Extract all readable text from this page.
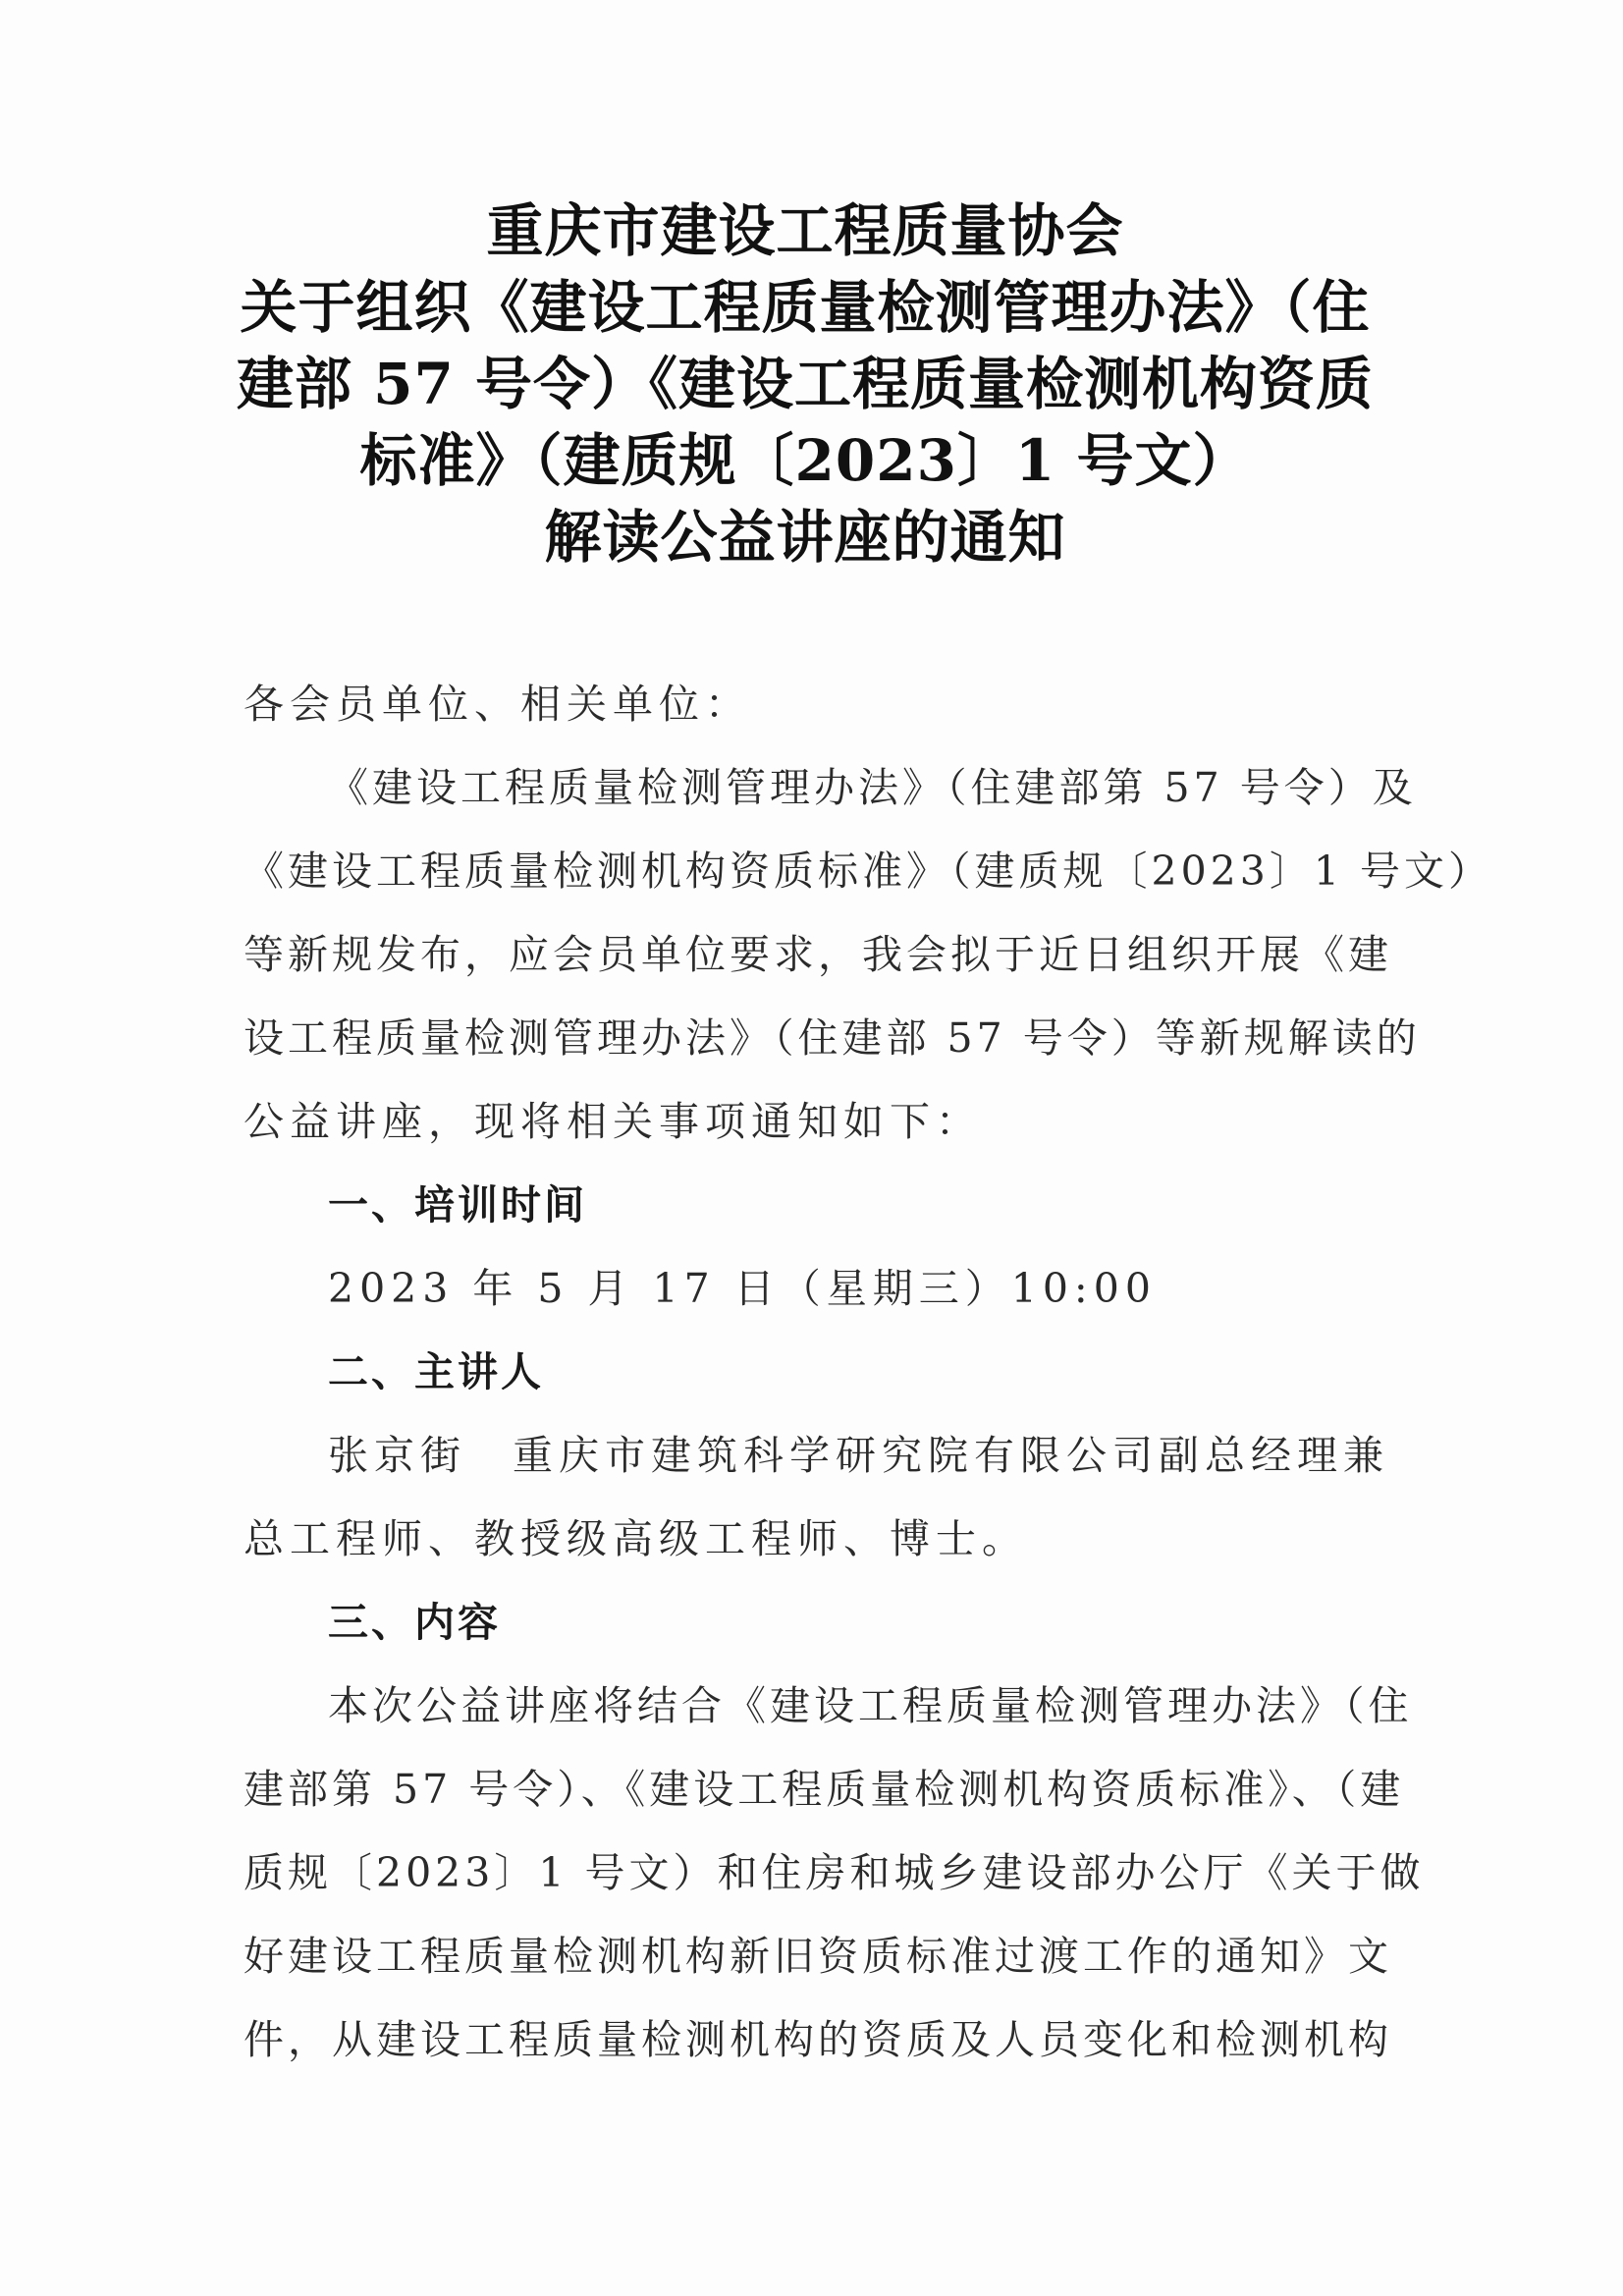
重庆市建设工程质量协会
关于组织《建设工程质量检测管理办法》（住
建部 57 号令）《建设工程质量检测机构资质
标准》（建质规〔2023〕1 号文）
解读公益讲座的通知
各会员单位、相关单位：
《建设工程质量检测管理办法》（住建部第 57 号令）及
《建设工程质量检测机构资质标准》（建质规〔2023〕1 号文）
等新规发布，应会员单位要求，我会拟于近日组织开展《建
设工程质量检测管理办法》（住建部 57 号令）等新规解读的
公益讲座，现将相关事项通知如下：
一、培训时间
2023 年 5 月 17 日（星期三）10:00
二、主讲人
张京街　重庆市建筑科学研究院有限公司副总经理兼
总工程师、教授级高级工程师、博士。
三、内容
本次公益讲座将结合《建设工程质量检测管理办法》（住
建部第 57 号令）、《建设工程质量检测机构资质标准》、（建
质规〔2023〕1 号文）和住房和城乡建设部办公厅《关于做
好建设工程质量检测机构新旧资质标准过渡工作的通知》文
件，从建设工程质量检测机构的资质及人员变化和检测机构
